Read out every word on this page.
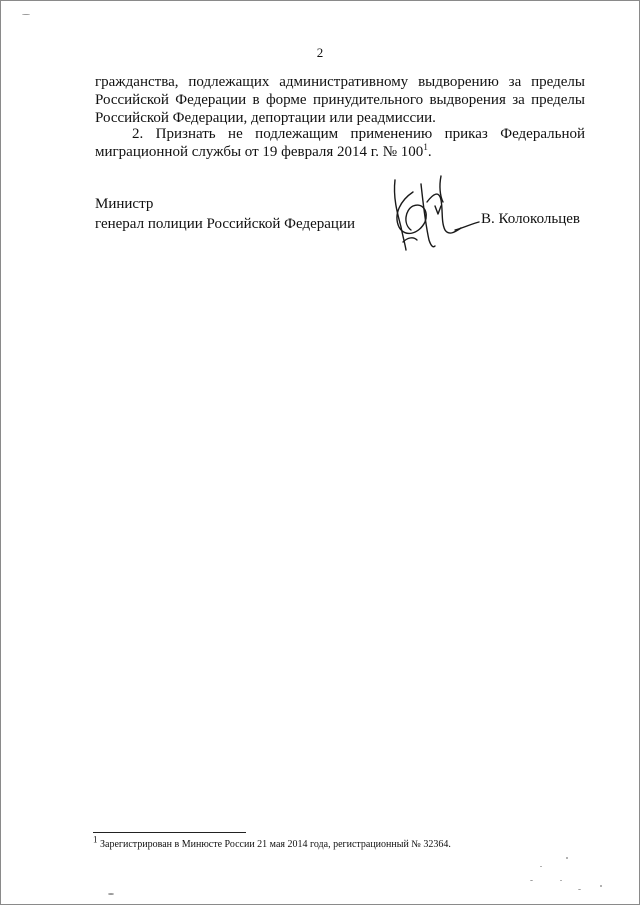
2
гражданства, подлежащих административному выдворению за пределы
Российской Федерации в форме принудительного выдворения за пределы
Российской Федерации, депортации или реадмиссии.
2. Признать не подлежащим применению приказ Федеральной
миграционной службы от 19 февраля 2014 г. № $100^1$.
Министр
генерал полиции Российской Федерации	В. Колокольцев
$^1$ Зарегистрирован в Минюсте России 21 мая 2014 года, регистрационный № 32364.
